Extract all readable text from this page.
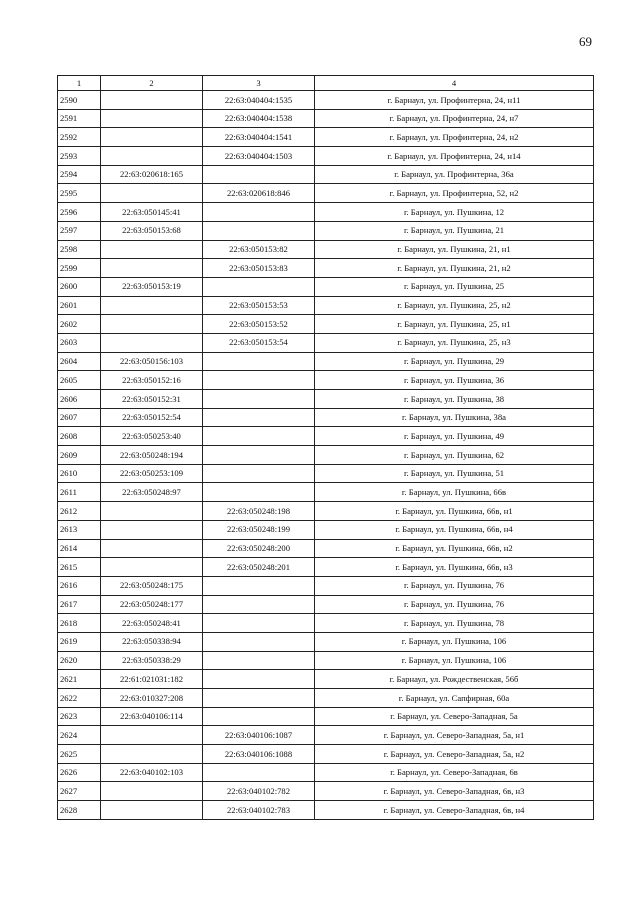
69
1	2	3	4
2590		22:63:040404:1535	г. Барнаул, ул. Профинтерна, 24, н11
2591		22:63:040404:1538	г. Барнаул, ул. Профинтерна, 24, н7
2592		22:63:040404:1541	г. Барнаул, ул. Профинтерна, 24, н2
2593		22:63:040404:1503	г. Барнаул, ул. Профинтерна, 24, н14
2594	22:63:020618:165		г. Барнаул, ул. Профинтерна, 36а
2595		22:63:020618:846	г. Барнаул, ул. Профинтерна, 52, н2
2596	22:63:050145:41		г. Барнаул, ул. Пушкина, 12
2597	22:63:050153:68		г. Барнаул, ул. Пушкина, 21
2598		22:63:050153:82	г. Барнаул, ул. Пушкина, 21, н1
2599		22:63:050153:83	г. Барнаул, ул. Пушкина, 21, н2
2600	22:63:050153:19		г. Барнаул, ул. Пушкина, 25
2601		22:63:050153:53	г. Барнаул, ул. Пушкина, 25, н2
2602		22:63:050153:52	г. Барнаул, ул. Пушкина, 25, н1
2603		22:63:050153:54	г. Барнаул, ул. Пушкина, 25, н3
2604	22:63:050156:103		г. Барнаул, ул. Пушкина, 29
2605	22:63:050152:16		г. Барнаул, ул. Пушкина, 36
2606	22:63:050152:31		г. Барнаул, ул. Пушкина, 38
2607	22:63:050152:54		г. Барнаул, ул. Пушкина, 38а
2608	22:63:050253:40		г. Барнаул, ул. Пушкина, 49
2609	22:63:050248:194		г. Барнаул, ул. Пушкина, 62
2610	22:63:050253:109		г. Барнаул, ул. Пушкина, 51
2611	22:63:050248:97		г. Барнаул, ул. Пушкина, 66в
2612		22:63:050248:198	г. Барнаул, ул. Пушкина, 66в, н1
2613		22:63:050248:199	г. Барнаул, ул. Пушкина, 66в, н4
2614		22:63:050248:200	г. Барнаул, ул. Пушкина, 66в, н2
2615		22:63:050248:201	г. Барнаул, ул. Пушкина, 66в, н3
2616	22:63:050248:175		г. Барнаул, ул. Пушкина, 76
2617	22:63:050248:177		г. Барнаул, ул. Пушкина, 76
2618	22:63:050248:41		г. Барнаул, ул. Пушкина, 78
2619	22:63:050338:94		г. Барнаул, ул. Пушкина, 106
2620	22:63:050338:29		г. Барнаул, ул. Пушкина, 106
2621	22:61:021031:182		г. Барнаул, ул. Рождественская, 56б
2622	22:63:010327:208		г. Барнаул, ул. Сапфирная, 60а
2623	22:63:040106:114		г. Барнаул, ул. Северо-Западная, 5а
2624		22:63:040106:1087	г. Барнаул, ул. Северо-Западная, 5а, н1
2625		22:63:040106:1088	г. Барнаул, ул. Северо-Западная, 5а, н2
2626	22:63:040102:103		г. Барнаул, ул. Северо-Западная, 6в
2627		22:63:040102:782	г. Барнаул, ул. Северо-Западная, 6в, н3
2628		22:63:040102:783	г. Барнаул, ул. Северо-Западная, 6в, н4
